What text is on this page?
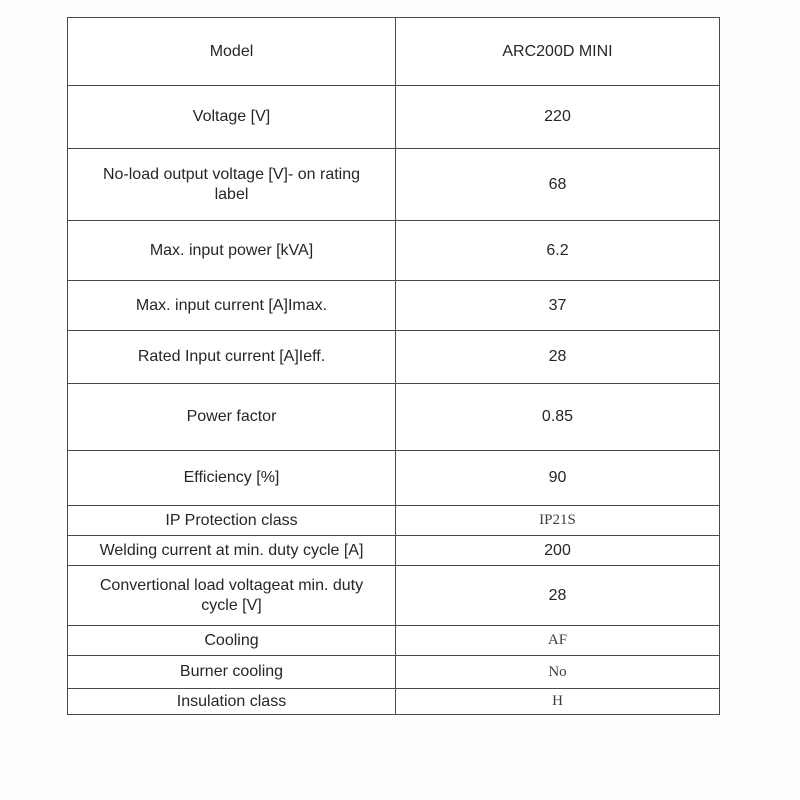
Model	ARC200D MINI
Voltage [V]	220
No-load output voltage [V]- on rating label	68
Max. input power [kVA]	6.2
Max. input current [A]Imax.	37
Rated Input current [A]Ieff.	28
Power factor	0.85
Efficiency [%]	90
IP Protection class	IP21S
Welding current at min. duty cycle [A]	200
Convertional load voltageat min. duty cycle [V]	28
Cooling	AF
Burner cooling	No
Insulation class	H
